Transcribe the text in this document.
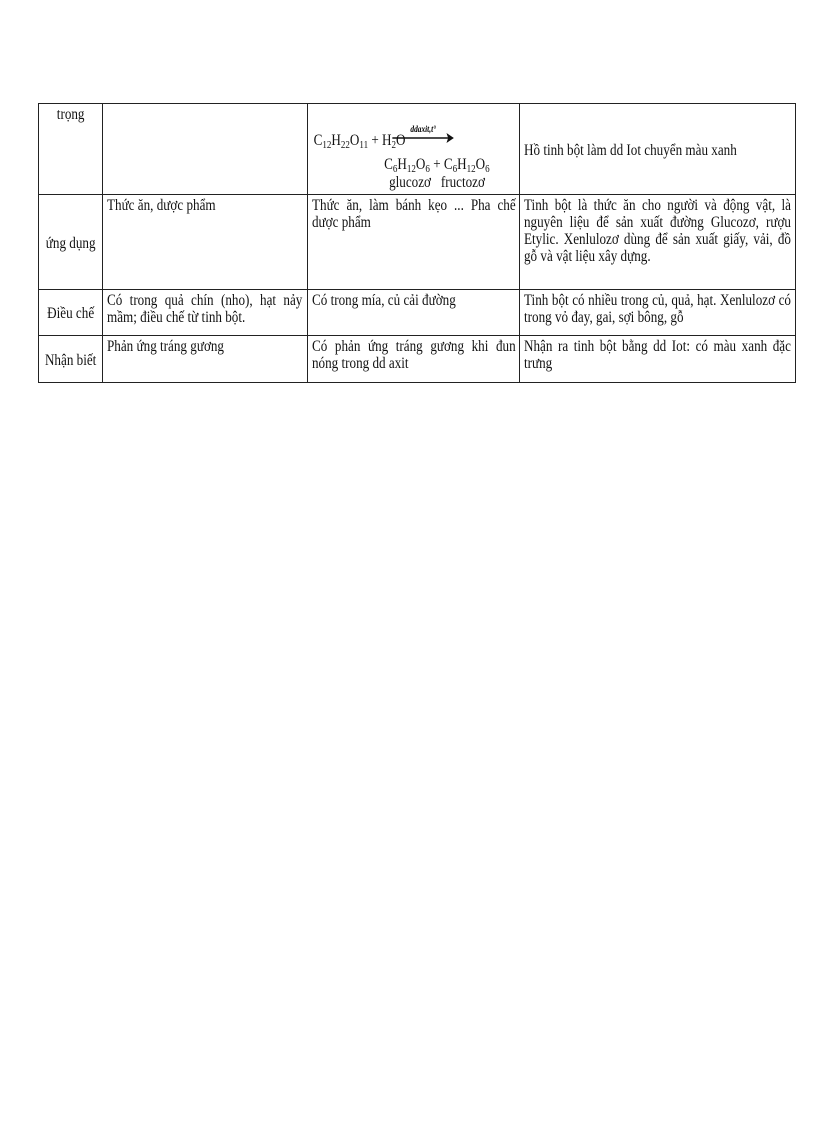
trọng		$C_{12}H_{22}O_{11} + H_2O$
ddaxit,t°
$C_6H_{12}O_6 + C_6H_{12}O_6$
glucozơ   fructozơ	Hồ tinh bột làm dd Iot chuyển màu xanh

ứng dụng	Thức ăn, dược phẩm	Thức ăn, làm bánh kẹo ... Pha chế dược phẩm	Tinh bột là thức ăn cho người và động vật, là nguyên liệu để sản xuất đường Glucozơ, rượu Etylic. Xenlulozơ dùng để sản xuất giấy, vải, đồ gỗ và vật liệu xây dựng.

Điều chế	Có trong quả chín (nho), hạt nảy mầm; điều chế từ tinh bột.	Có trong mía, củ cải đường	Tinh bột có nhiều trong củ, quả, hạt. Xenlulozơ có trong vỏ đay, gai, sợi bông, gỗ

Nhận biết	Phản ứng tráng gương	Có phản ứng tráng gương khi đun nóng trong dd axit	Nhận ra tinh bột bằng dd Iot: có màu xanh đặc trưng
